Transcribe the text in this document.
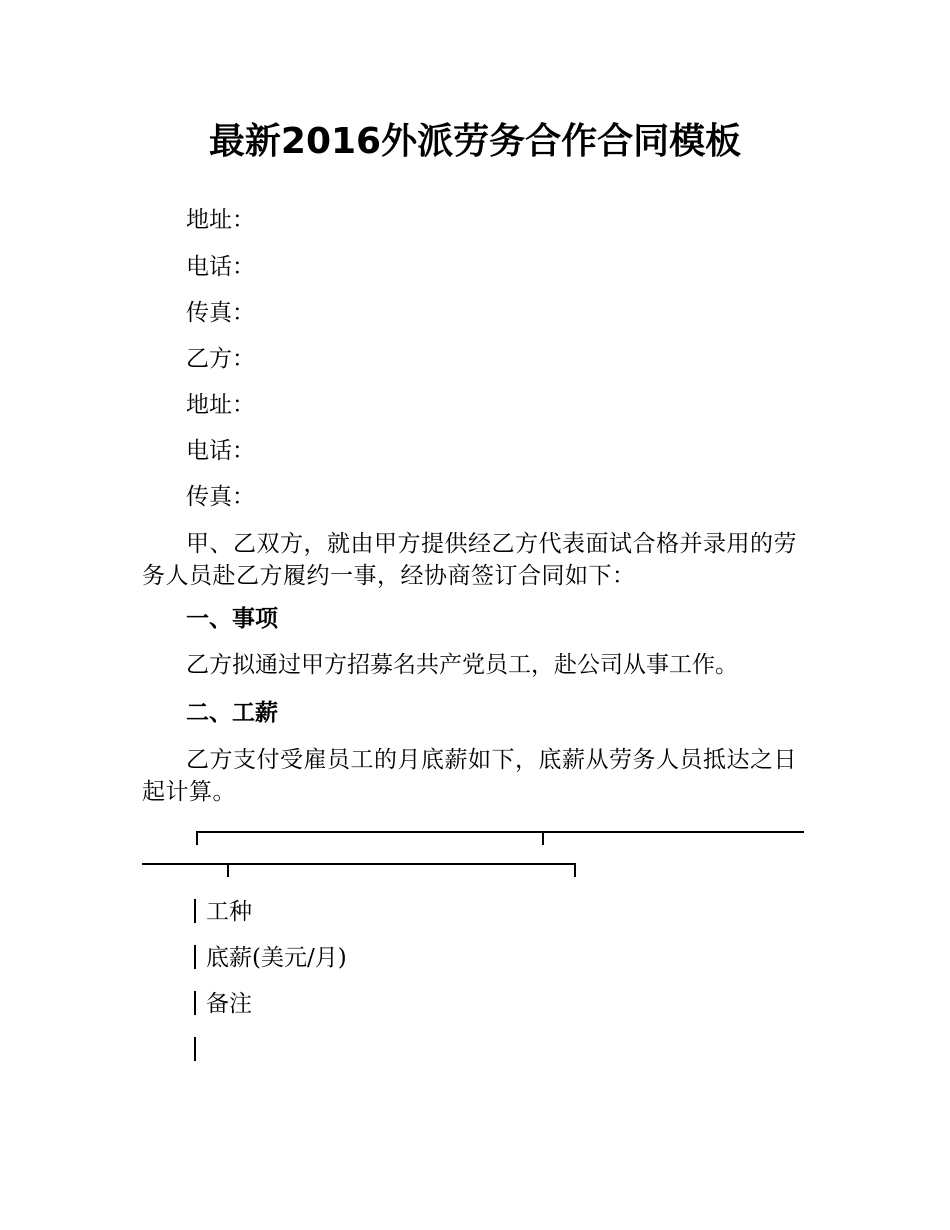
最新2016外派劳务合作合同模板
地址：
电话：
传真：
乙方：
地址：
电话：
传真：
甲、乙双方，就由甲方提供经乙方代表面试合格并录用的劳务人员赴乙方履约一事，经协商签订合同如下：
一、事项
乙方拟通过甲方招募名共产党员工，赴公司从事工作。
二、工薪
乙方支付受雇员工的月底薪如下，底薪从劳务人员抵达之日起计算。
工种
底薪(美元/月)
备注
